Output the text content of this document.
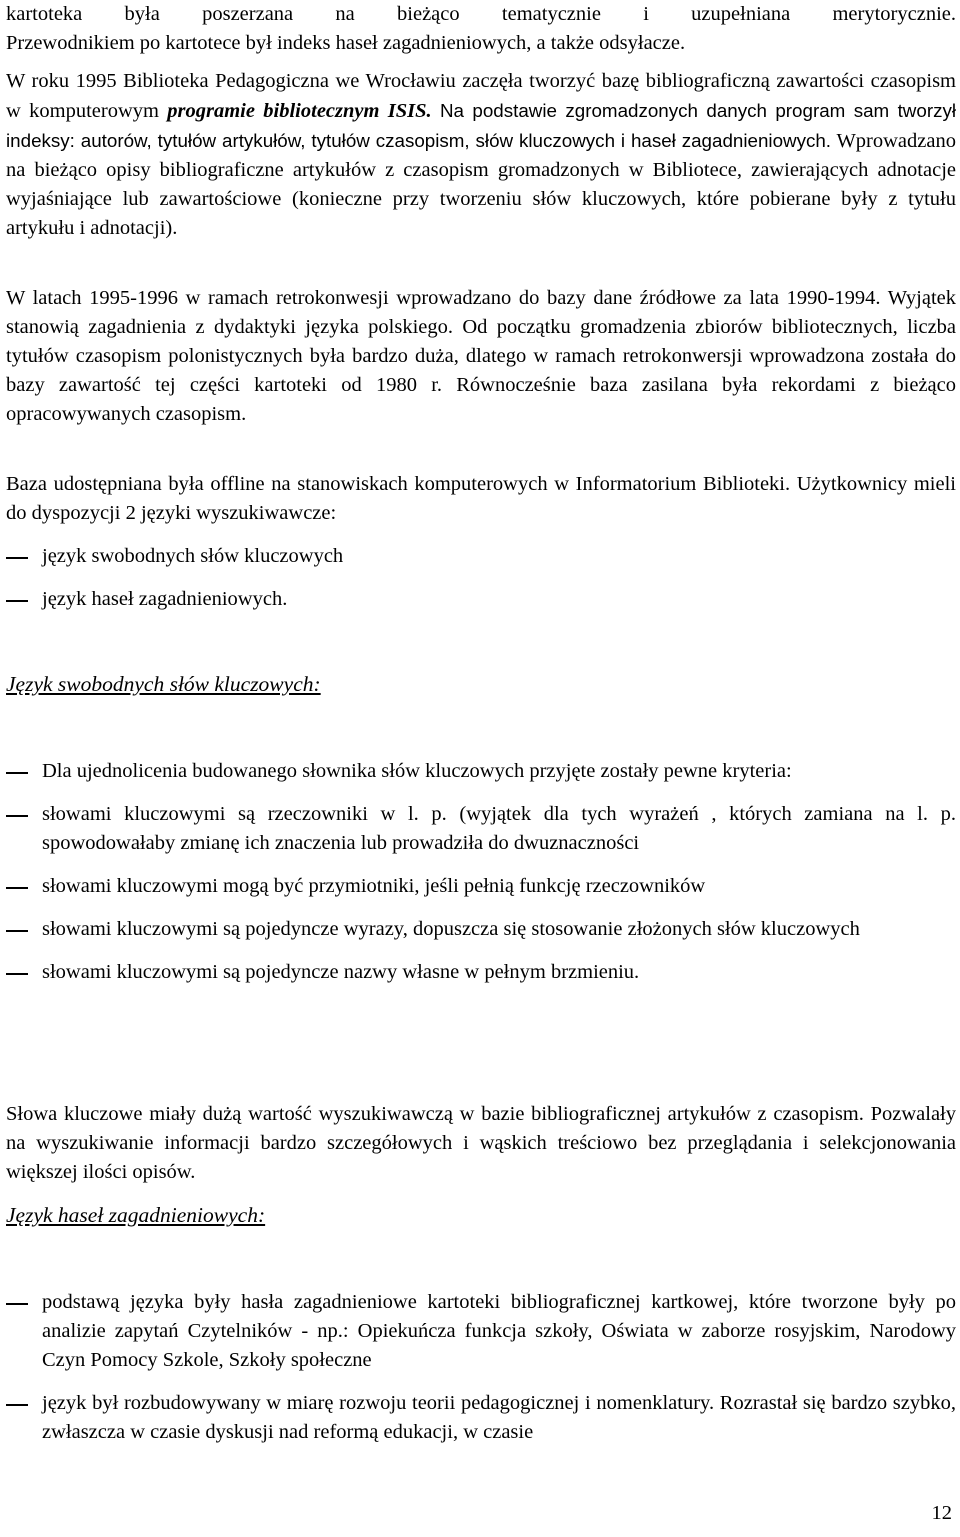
kartoteka była poszerzana na bieżąco tematycznie i uzupełniana merytorycznie.
Przewodnikiem po kartotece był indeks haseł zagadnieniowych, a także odsyłacze.
W roku 1995 Biblioteka Pedagogiczna we Wrocławiu zaczęła tworzyć bazę bibliograficzną zawartości czasopism w komputerowym programie bibliotecznym ISIS. Na podstawie zgromadzonych danych program sam tworzył indeksy: autorów, tytułów artykułów, tytułów czasopism, słów kluczowych i haseł zagadnieniowych. Wprowadzano na bieżąco opisy bibliograficzne artykułów z czasopism gromadzonych w Bibliotece, zawierających adnotacje wyjaśniające lub zawartościowe (konieczne przy tworzeniu słów kluczowych, które pobierane były z tytułu artykułu i adnotacji).
W latach 1995-1996 w ramach retrokonwesji wprowadzano do bazy dane źródłowe za lata 1990-1994. Wyjątek stanowią zagadnienia z dydaktyki języka polskiego. Od początku gromadzenia zbiorów bibliotecznych, liczba tytułów czasopism polonistycznych była bardzo duża, dlatego w ramach retrokonwersji wprowadzona została do bazy zawartość tej części kartoteki od 1980 r. Równocześnie baza zasilana była rekordami z bieżąco opracowywanych czasopism.
Baza udostępniana była offline na stanowiskach komputerowych w Informatorium Biblioteki. Użytkownicy mieli do dyspozycji 2 języki wyszukiwawcze:
język swobodnych słów kluczowych
język haseł zagadnieniowych.
Język swobodnych słów kluczowych:
Dla ujednolicenia budowanego słownika słów kluczowych przyjęte zostały pewne kryteria:
słowami kluczowymi są rzeczowniki w l. p. (wyjątek dla tych wyrażeń , których zamiana na l. p. spowodowałaby zmianę ich znaczenia lub prowadziła do dwuznaczności
słowami kluczowymi mogą być przymiotniki, jeśli pełnią funkcję rzeczowników
słowami kluczowymi są pojedyncze wyrazy, dopuszcza się stosowanie złożonych słów kluczowych
słowami kluczowymi są pojedyncze nazwy własne w pełnym brzmieniu.
Słowa kluczowe miały dużą wartość wyszukiwawczą w bazie bibliograficznej artykułów z czasopism. Pozwalały na wyszukiwanie informacji bardzo szczegółowych i wąskich treściowo bez przeglądania i selekcjonowania większej ilości opisów.
Język haseł zagadnieniowych:
podstawą języka były hasła zagadnieniowe kartoteki bibliograficznej kartkowej, które tworzone były po analizie zapytań Czytelników - np.: Opiekuńcza funkcja szkoły, Oświata w zaborze rosyjskim, Narodowy Czyn Pomocy Szkole, Szkoły społeczne
język był rozbudowywany w miarę rozwoju teorii pedagogicznej i nomenklatury. Rozrastał się bardzo szybko, zwłaszcza w czasie dyskusji nad reformą edukacji, w czasie
12
